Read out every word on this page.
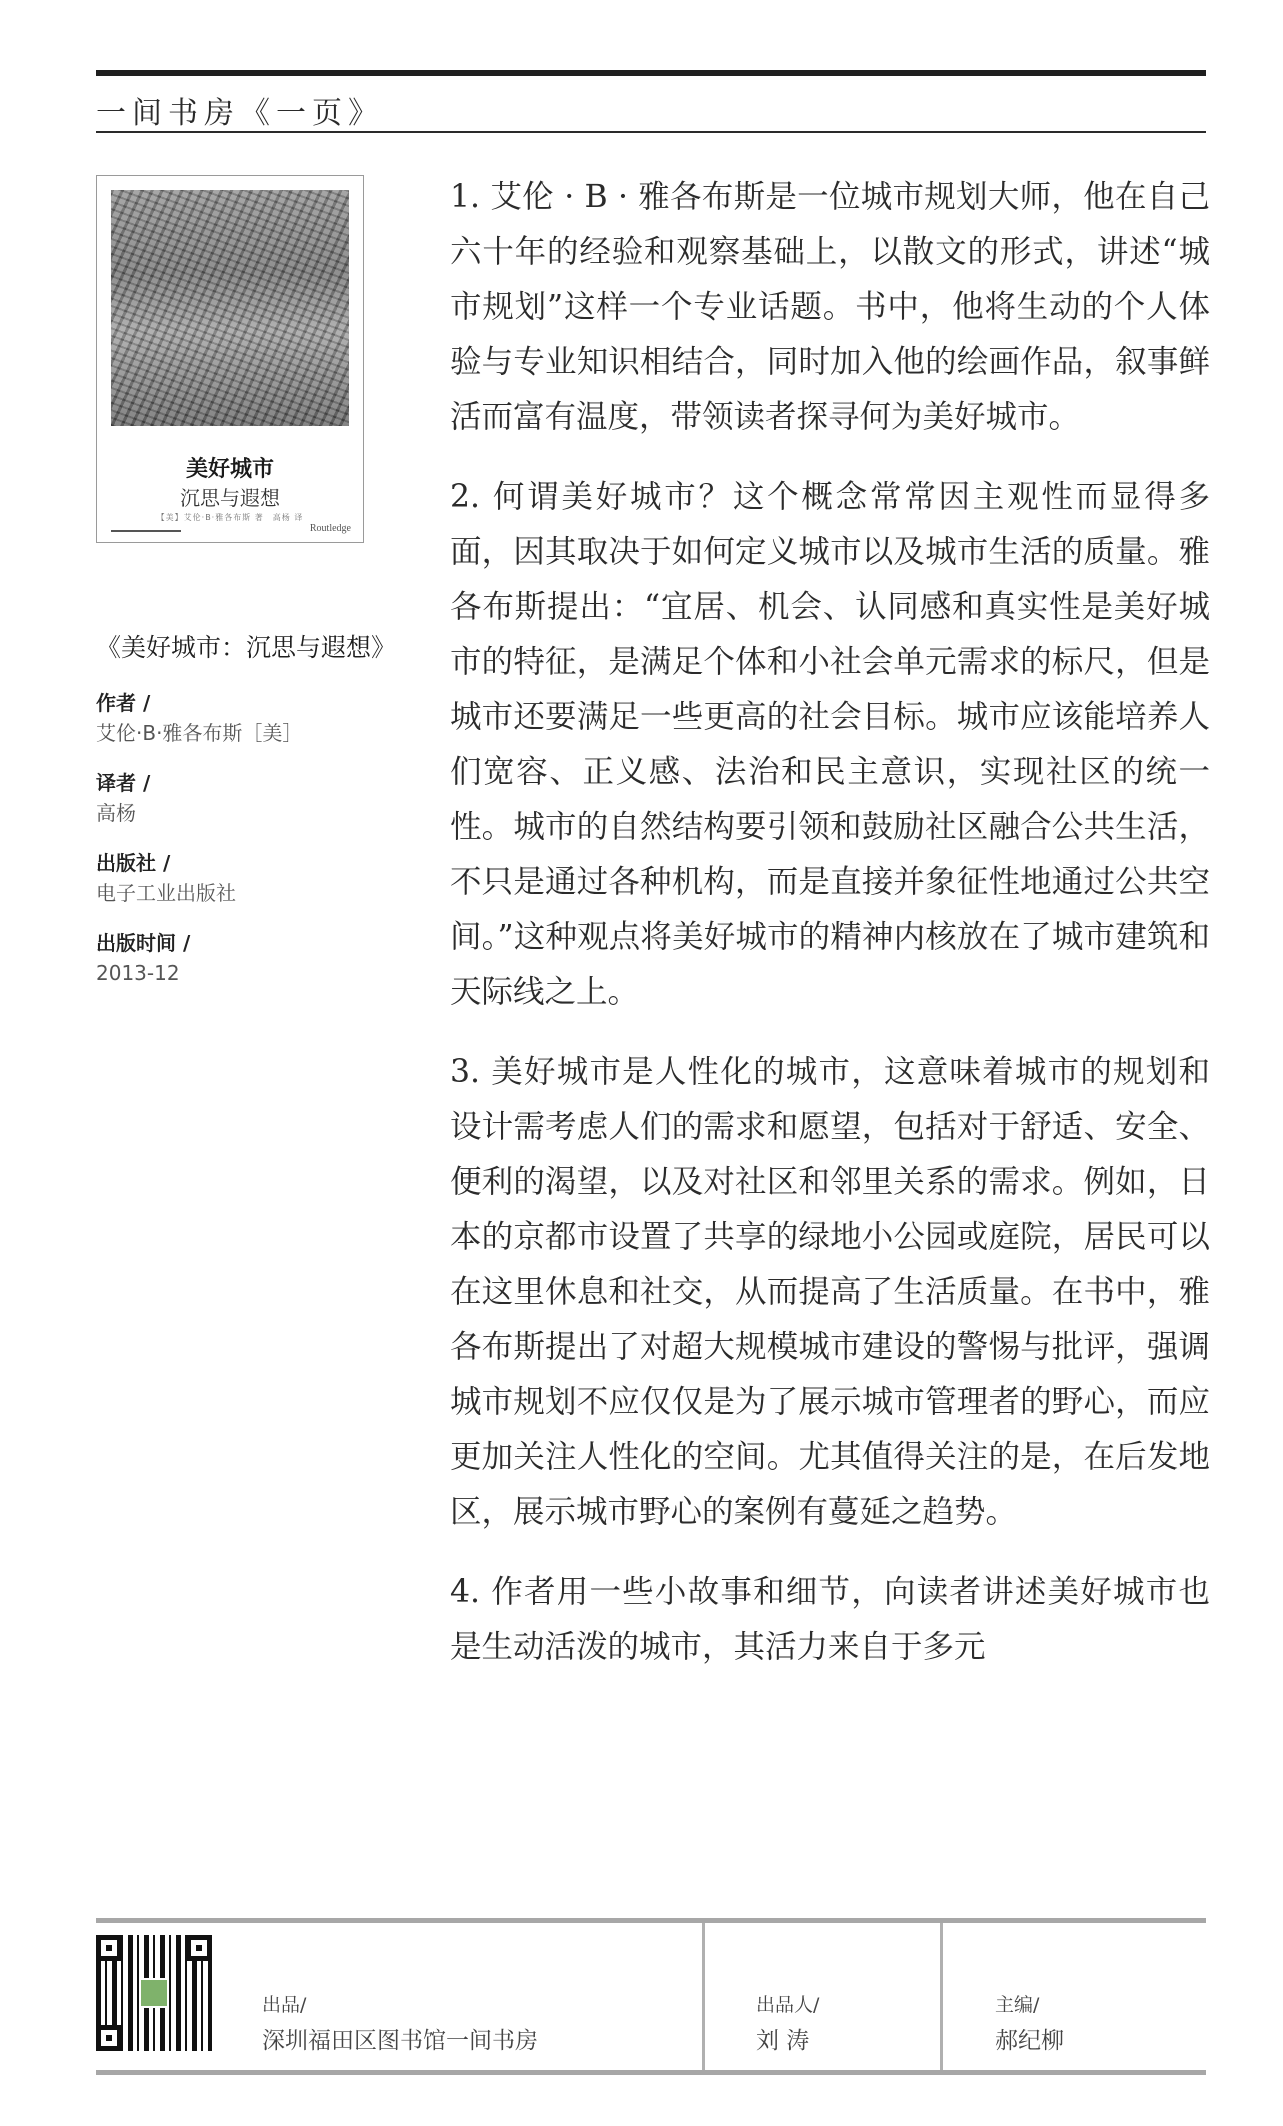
一间书房《一页》
美好城市
沉思与遐想
【美】艾伦·B·雅各布斯 著　高杨 译
Routledge
《美好城市：沉思与遐想》
作者 /
艾伦·B·雅各布斯［美］
译者 /
高杨
出版社 /
电子工业出版社
出版时间 /
2013-12

1. 艾伦 · B · 雅各布斯是一位城市规划大师，他在自己六十年的经验和观察基础上，以散文的形式，讲述“城市规划”这样一个专业话题。书中，他将生动的个人体验与专业知识相结合，同时加入他的绘画作品，叙事鲜活而富有温度，带领读者探寻何为美好城市。

2. 何谓美好城市？这个概念常常因主观性而显得多面，因其取决于如何定义城市以及城市生活的质量。雅各布斯提出：“宜居、机会、认同感和真实性是美好城市的特征，是满足个体和小社会单元需求的标尺，但是城市还要满足一些更高的社会目标。城市应该能培养人们宽容、正义感、法治和民主意识，实现社区的统一性。城市的自然结构要引领和鼓励社区融合公共生活，不只是通过各种机构，而是直接并象征性地通过公共空间。”这种观点将美好城市的精神内核放在了城市建筑和天际线之上。

3. 美好城市是人性化的城市，这意味着城市的规划和设计需考虑人们的需求和愿望，包括对于舒适、安全、便利的渴望，以及对社区和邻里关系的需求。例如，日本的京都市设置了共享的绿地小公园或庭院，居民可以在这里休息和社交，从而提高了生活质量。在书中，雅各布斯提出了对超大规模城市建设的警惕与批评，强调城市规划不应仅仅是为了展示城市管理者的野心，而应更加关注人性化的空间。尤其值得关注的是，在后发地区，展示城市野心的案例有蔓延之趋势。

4. 作者用一些小故事和细节，向读者讲述美好城市也是生动活泼的城市，其活力来自于多元

出品/
深圳福田区图书馆一间书房
出品人/
刘 涛
主编/
郝纪柳
